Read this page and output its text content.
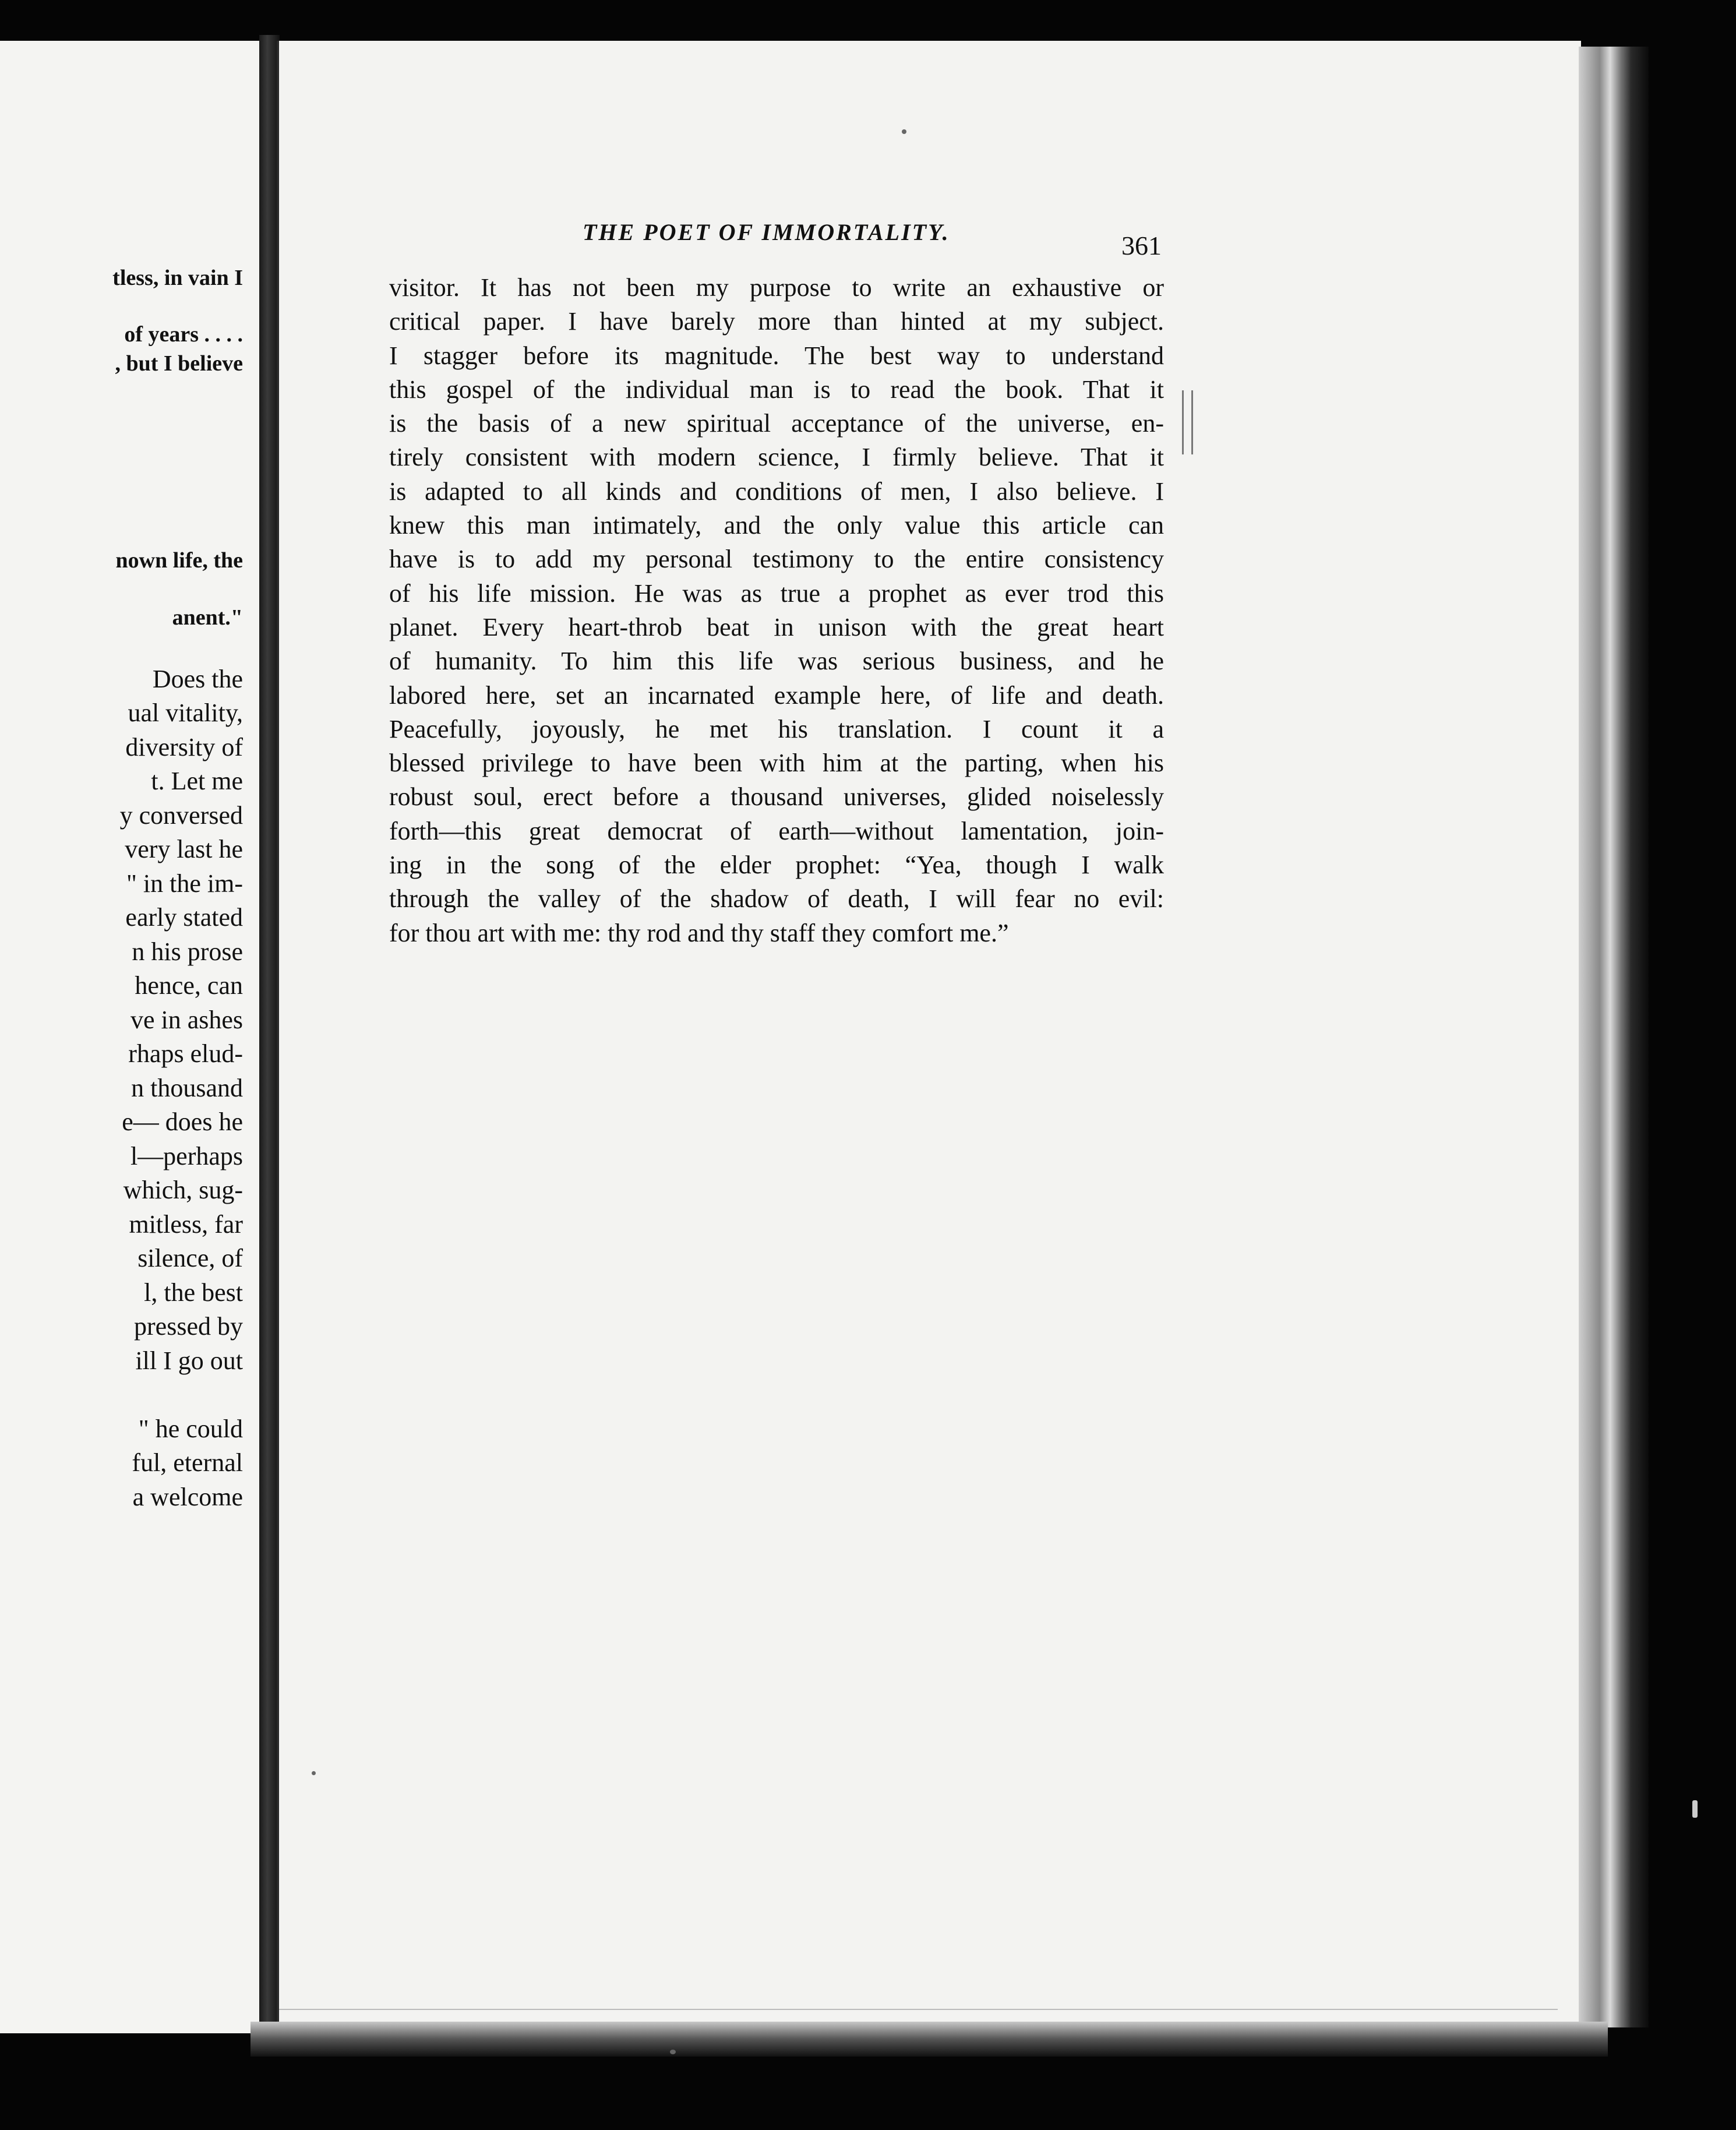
tless, in vain I
of years . . . .
, but I believe
nown life, the
anent."
Does the
ual vitality,
diversity of
t. Let me
y conversed
very last he
" in the im-
early stated
n his prose
hence, can
ve in ashes
rhaps elud-
n thousand
e— does he
l—perhaps
which, sug-
mitless, far
silence, of
l, the best
pressed by
ill I go out
" he could
ful, eternal
a welcome
THE POET OF IMMORTALITY.	361
visitor. It has not been my purpose to write an exhaustive or
critical paper. I have barely more than hinted at my subject.
I stagger before its magnitude. The best way to understand
this gospel of the individual man is to read the book. That it
is the basis of a new spiritual acceptance of the universe, en-
tirely consistent with modern science, I firmly believe. That it
is adapted to all kinds and conditions of men, I also believe. I
knew this man intimately, and the only value this article can
have is to add my personal testimony to the entire consistency
of his life mission. He was as true a prophet as ever trod this
planet. Every heart-throb beat in unison with the great heart
of humanity. To him this life was serious business, and he
labored here, set an incarnated example here, of life and death.
Peacefully, joyously, he met his translation. I count it a
blessed privilege to have been with him at the parting, when his
robust soul, erect before a thousand universes, glided noiselessly
forth—this great democrat of earth—without lamentation, join-
ing in the song of the elder prophet: “Yea, though I walk
through the valley of the shadow of death, I will fear no evil:
for thou art with me: thy rod and thy staff they comfort me.”
